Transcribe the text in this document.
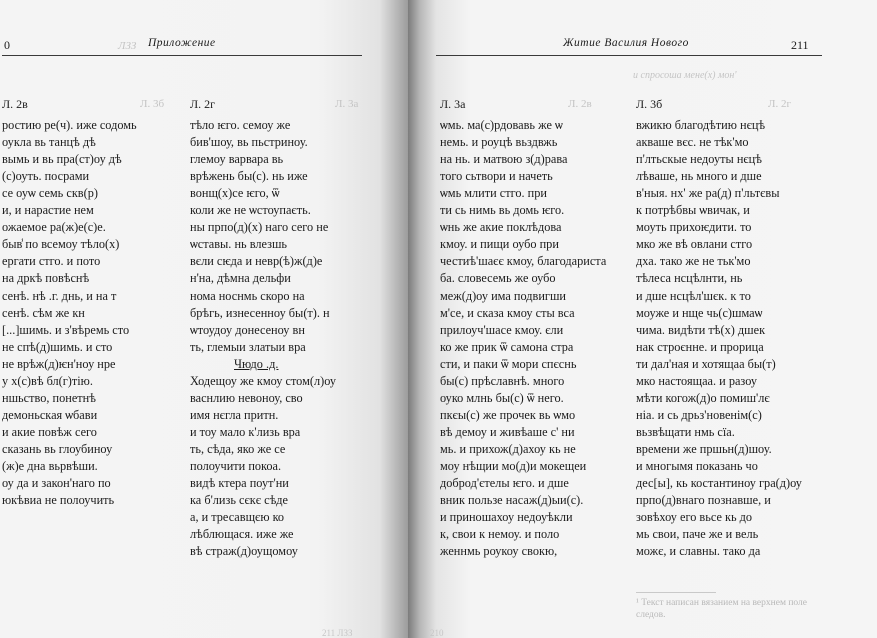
0	ЛЗЗ Приложение
Л. 3б	Л. 3а
Л. 2в
ростию ре(ч). иже содомь
оукла вь танцѣ дѣ
вымь и вь пра(ст)оу дѣ
(с)оуть. посрами
се оуѡ семь скв(р)
и, и нарастие нем
ожаемое ра(ж)е(с)е.
быв̾ по всемоу тѣло(х)
ергати стго. и пото
на дркѣ повѣснѣ
сенѣ. нѣ .г. днь, и на т
сенѣ. сѣм же кн
[...]шимь. и з'вѣремь сто
не спѣ(д)шимь. и сто
не врѣж(д)ѥн'ноу нре
у х(с)вѣ бл(г)тію.
ншьство, понетнѣ
демоньская ѡбави
и акие повѣж сего
сказань вь глоубиноу
(ж)е дна вьрвѣши.
оу да и закон'наго по
юкѣвиа не полоучить
Л. 2г
тѣло ѥго. семоу же
бив'шоу, вь пьстриноу.
глемоу варвара вь
врѣжень бы(с). нь иже
вонщ(х)се ѥго, ѿ
коли же не ѡстоупаєть.
ны прпо(д)(х) наго сего не
ѡставы. нь влезшь
вєли сѥда и невр(ѣ)ж(д)е
н'на, дѣмна дельфи
нома носнмь скоро на
брѣгь, изнесенноу бы(т). н
ѡтоудоу донесеноу вн
ть, глемыи златыи вра
Чюдо .д.
Ходещоу же кмоу стом(л)оу
васнлию невоноу, сво
имя нєгла притн.
и тоу мало к'лизь вра
ть, сѣда, яко же се
полоучити покоа.
видѣ ктера поут'ни
ка б'лизь сєкє сѣде
а, и тресавщєю ко
лѣблющася. иже же
вѣ страж(д)оущомоу
Житие Василия Нового	211
и спросоша мене(х) мон'
Л. 2в	Л. 2г
Л. 3а
ѡмь. ма(с)рдовавь же ѡ
немь. и роуцѣ вьздвжь
на нь. и матвою з(д)рава
того сьтвори и начеть
ѡмь млити стго. при
ти сь нимь вь домь ѥго.
ѡнь же акие поклѣдова
кмоу. и пищи оубо при
честиѣ'шаєє кмоу, благодариста
ба. словесемь же оубо
меж(д)оу има подвигши
м'се, и сказа кмоу сты вса
прилоуч'шасе кмоу. єли
ко же прик ѿ самона стра
сти, и паки ѿ мори спєснь
бы(с) прѣславнѣ. много
оуко млнь бы(с) ѿ него.
пкєы(с) же прочек вь ѡмо
вѣ демоу и живѣаше с' ни
мь. и прихож(д)ахоу кь не
моу нѣщии мо(д)и мокещеи
доброд'єтелы ѥго. и дше
вник пользе насаж(д)ыи(с).
и приношахоу недоуѣкли
к, свои к немоу. и поло
женнмь роукоу свокю,
Л. 3б
вжикю благодѣтию нєцѣ
акваше вєс. не тѣк'мо
п'лтьскые недоуты нєцѣ
лѣваше, нь много и дше
в'ныя. нх' же ра(д) п'льтєвы
к потрѣбвы ѡвичак, и
моуть прихоѥдити. то
мко же вѣ овлани стго
дха. тако же не тьк'мо
тѣлеса нсцѣлнти, нь
и дше нсцѣл'шєк. к то
моуже и нще чь(с)шмаѡ
чима. видѣти тѣ(х) дшек
нак строєнне. и прорица
ти дал'ная и хотящаа бы(т)
мко настоящаа. и разоу
мѣти когож(д)о помиш'лє
ніа. и сь дрьз'новенім(с)
вьзвѣщати нмь сїа.
времени же пршьн(д)шоу.
и многымя показань чо
дес[ы], кь костантиноу гра(д)оу
прпо(д)внаго познавше, и
зовѣхоу его вьсе кь до
мь свои, паче же и вель
можє, и славны. тако да
¹ Текст написан вязанием на верхнем поле следов.
211 ЛЗЗ	210
